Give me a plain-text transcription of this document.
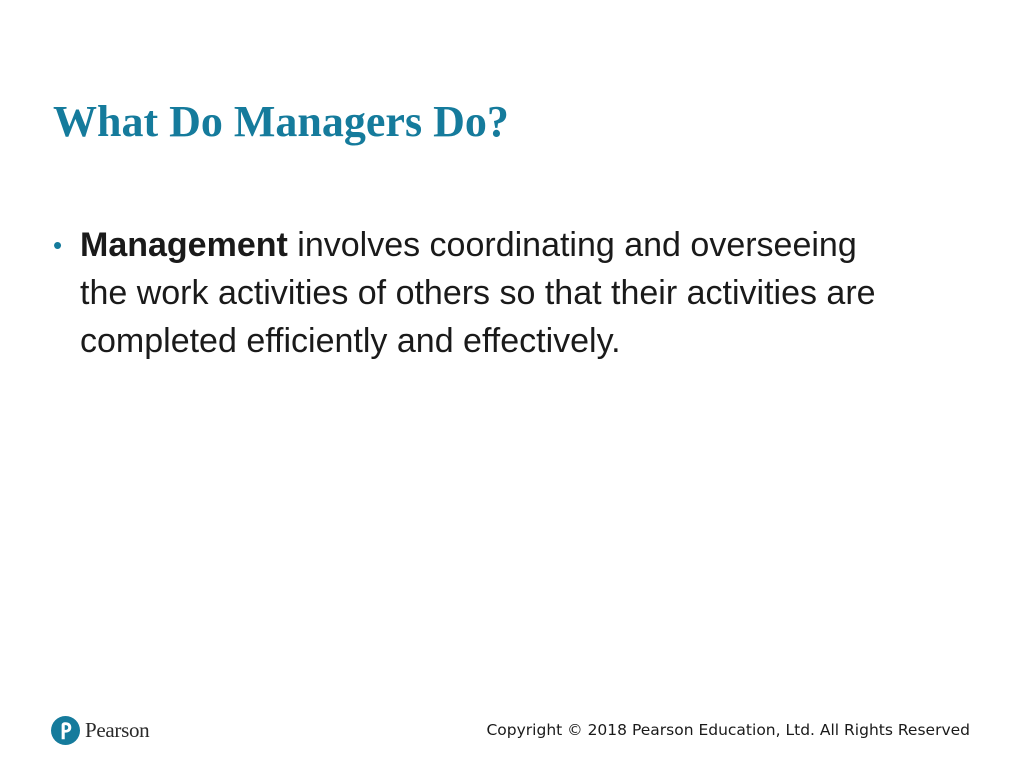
What Do Managers Do?
• Management involves coordinating and overseeing the work activities of others so that their activities are completed efficiently and effectively.
Pearson	Copyright © 2018 Pearson Education, Ltd. All Rights Reserved
